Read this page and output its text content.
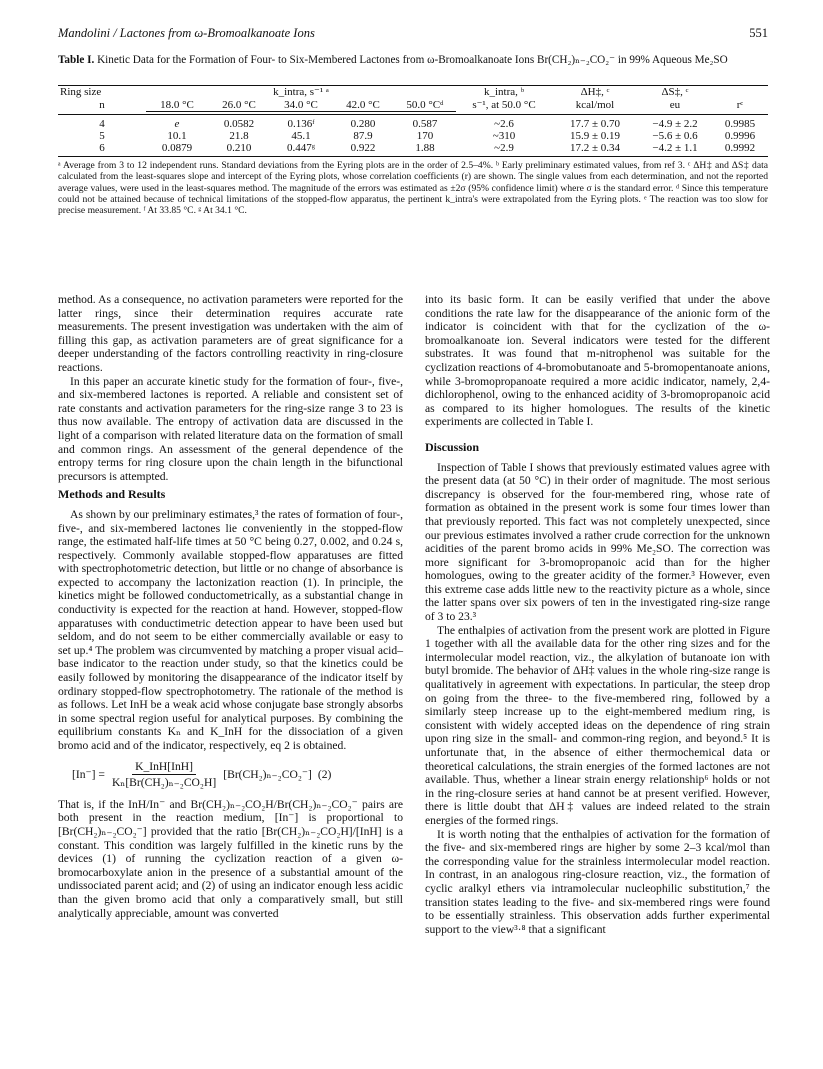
Mandolini / Lactones from ω-Bromoalkanoate Ions	551
Table I. Kinetic Data for the Formation of Four- to Six-Membered Lactones from ω-Bromoalkanoate Ions Br(CH₂)ₙ₋₂CO₂⁻ in 99% Aqueous Me₂SO
Ring size	k_intra, s⁻¹ ᵃ					k_intra, ᵇ	ΔH‡, ᶜ	ΔS‡, ᶜ	
n	18.0 °C	26.0 °C	34.0 °C	42.0 °C	50.0 °Cᵈ	s⁻¹, at 50.0 °C	kcal/mol	eu	rᶜ

4	e	0.0582	0.136ᶠ	0.280	0.587	~2.6	17.7 ± 0.70	−4.9 ± 2.2	0.9985
5	10.1	21.8	45.1	87.9	170	~310	15.9 ± 0.19	−5.6 ± 0.6	0.9996
6	0.0879	0.210	0.447ᵍ	0.922	1.88	~2.9	17.2 ± 0.34	−4.2 ± 1.1	0.9992
ᵃ Average from 3 to 12 independent runs. Standard deviations from the Eyring plots are in the order of 2.5–4%. ᵇ Early preliminary estimated values, from ref 3. ᶜ ΔH‡ and ΔS‡ data calculated from the least-squares slope and intercept of the Eyring plots, whose correlation coefficients (r) are shown. The single values from each determination, and not the reported average values, were used in the least-squares method. The magnitude of the errors was estimated as ±2σ (95% confidence limit) where σ is the standard error. ᵈ Since this temperature could not be attained because of technical limitations of the stopped-flow apparatus, the pertinent k_intra's were extrapolated from the Eyring plots. ᵉ The reaction was too slow for precise measurement. ᶠ At 33.85 °C. ᵍ At 34.1 °C.

method. As a consequence, no activation parameters were reported for the latter rings, since their determination requires accurate rate measurements. The present investigation was undertaken with the aim of filling this gap, as activation parameters are of great significance for a deeper understanding of the factors controlling reactivity in ring-closure reactions.

In this paper an accurate kinetic study for the formation of four-, five-, and six-membered lactones is reported. A reliable and consistent set of rate constants and activation parameters for the ring-size range 3 to 23 is thus now available. The entropy of activation data are discussed in the light of a comparison with related literature data on the formation of small and common rings. An assessment of the general dependence of the entropy terms for ring closure upon the chain length in the bifunctional precursors is attempted.

Methods and Results

As shown by our preliminary estimates,³ the rates of formation of four-, five-, and six-membered lactones lie conveniently in the stopped-flow range, the estimated half-life times at 50 °C being 0.27, 0.002, and 0.24 s, respectively. Commonly available stopped-flow apparatuses are fitted with spectrophotometric detection, but little or no change of absorbance is expected to accompany the lactonization reaction (1). In principle, the kinetics might be followed conductometrically, as a substantial change in conductivity is expected for the reaction at hand. However, stopped-flow apparatuses with conductimetric detection appear to have been used but seldom, and do not seem to be either commercially available or easy to set up.⁴ The problem was circumvented by matching a proper visual acid–base indicator to the reaction under study, so that the kinetics could be easily followed by monitoring the disappearance of the indicator itself by ordinary stopped-flow spectrophotometry. The rationale of the method is as follows. Let InH be a weak acid whose conjugate base strongly absorbs in some spectral region useful for analytical purposes. By combining the equilibrium constants Kₙ and K_InH for the dissociation of a given bromo acid and of the indicator, respectively, eq 2 is obtained.

$[In^-] = \frac{\text{K\_InH[InH]}}{\text{Kₙ[Br(CH₂)ₙ₋₂CO₂H]}} [Br(CH_2)_{n-2}CO_2^-]$ (2)

That is, if the InH/In⁻ and Br(CH₂)ₙ₋₂CO₂H/Br(CH₂)ₙ₋₂CO₂⁻ pairs are both present in the reaction medium, [In⁻] is proportional to [Br(CH₂)ₙ₋₂CO₂⁻] provided that the ratio [Br(CH₂)ₙ₋₂CO₂H]/[InH] is a constant. This condition was largely fulfilled in the kinetic runs by the devices (1) of running the cyclization reaction of a given ω-bromocarboxylate anion in the presence of a substantial amount of the undissociated parent acid; and (2) of using an indicator enough less acidic than the given bromo acid that only a comparatively small, but still analytically appreciable, amount was converted

into its basic form. It can be easily verified that under the above conditions the rate law for the disappearance of the anionic form of the indicator is coincident with that for the cyclization of the ω-bromoalkanoate ion. Several indicators were tested for the different substrates. It was found that m-nitrophenol was suitable for the cyclization reactions of 4-bromobutanoate and 5-bromopentanoate anions, while 3-bromopropanoate required a more acidic indicator, namely, 2,4-dichlorophenol, owing to the enhanced acidity of 3-bromopropanoic acid as compared to its higher homologues. The results of the kinetic experiments are collected in Table I.

Discussion

Inspection of Table I shows that previously estimated values agree with the present data (at 50 °C) in their order of magnitude. The most serious discrepancy is observed for the four-membered ring, whose rate of formation as obtained in the present work is some four times lower than that previously reported. This fact was not completely unexpected, since our previous estimates involved a rather crude correction for the unknown acidities of the parent bromo acids in 99% Me₂SO. The correction was more significant for 3-bromopropanoic acid than for the higher homologues, owing to the greater acidity of the former.³ However, even this extreme case adds little new to the reactivity picture as a whole, since the latter spans over six powers of ten in the investigated ring-size range of 3 to 23.³

The enthalpies of activation from the present work are plotted in Figure 1 together with all the available data for the other ring sizes and for the intermolecular model reaction, viz., the alkylation of butanoate ion with butyl bromide. The behavior of ΔH‡ values in the whole ring-size range is qualitatively in agreement with expectations. In particular, the steep drop on going from the three- to the five-membered ring, followed by a similarly steep increase up to the eight-membered medium ring, is consistent with widely accepted ideas on the dependence of ring strain upon ring size in the small- and common-ring region, and beyond.⁵ It is unfortunate that, in the absence of either thermochemical data or theoretical calculations, the strain energies of the formed lactones are not available. Thus, whether a linear strain energy relationship⁶ holds or not in the ring-closure series at hand cannot be at present verified. However, there is little doubt that ΔH‡ values are indeed related to the strain energies of the formed rings.

It is worth noting that the enthalpies of activation for the formation of the five- and six-membered rings are higher by some 2–3 kcal/mol than the corresponding value for the strainless intermolecular model reaction. In contrast, in an analogous ring-closure reaction, viz., the formation of cyclic aralkyl ethers via intramolecular nucleophilic substitution,⁷ the transition states leading to the five- and six-membered rings were found to be essentially strainless. This observation adds further experimental support to the view³·⁸ that a significant
